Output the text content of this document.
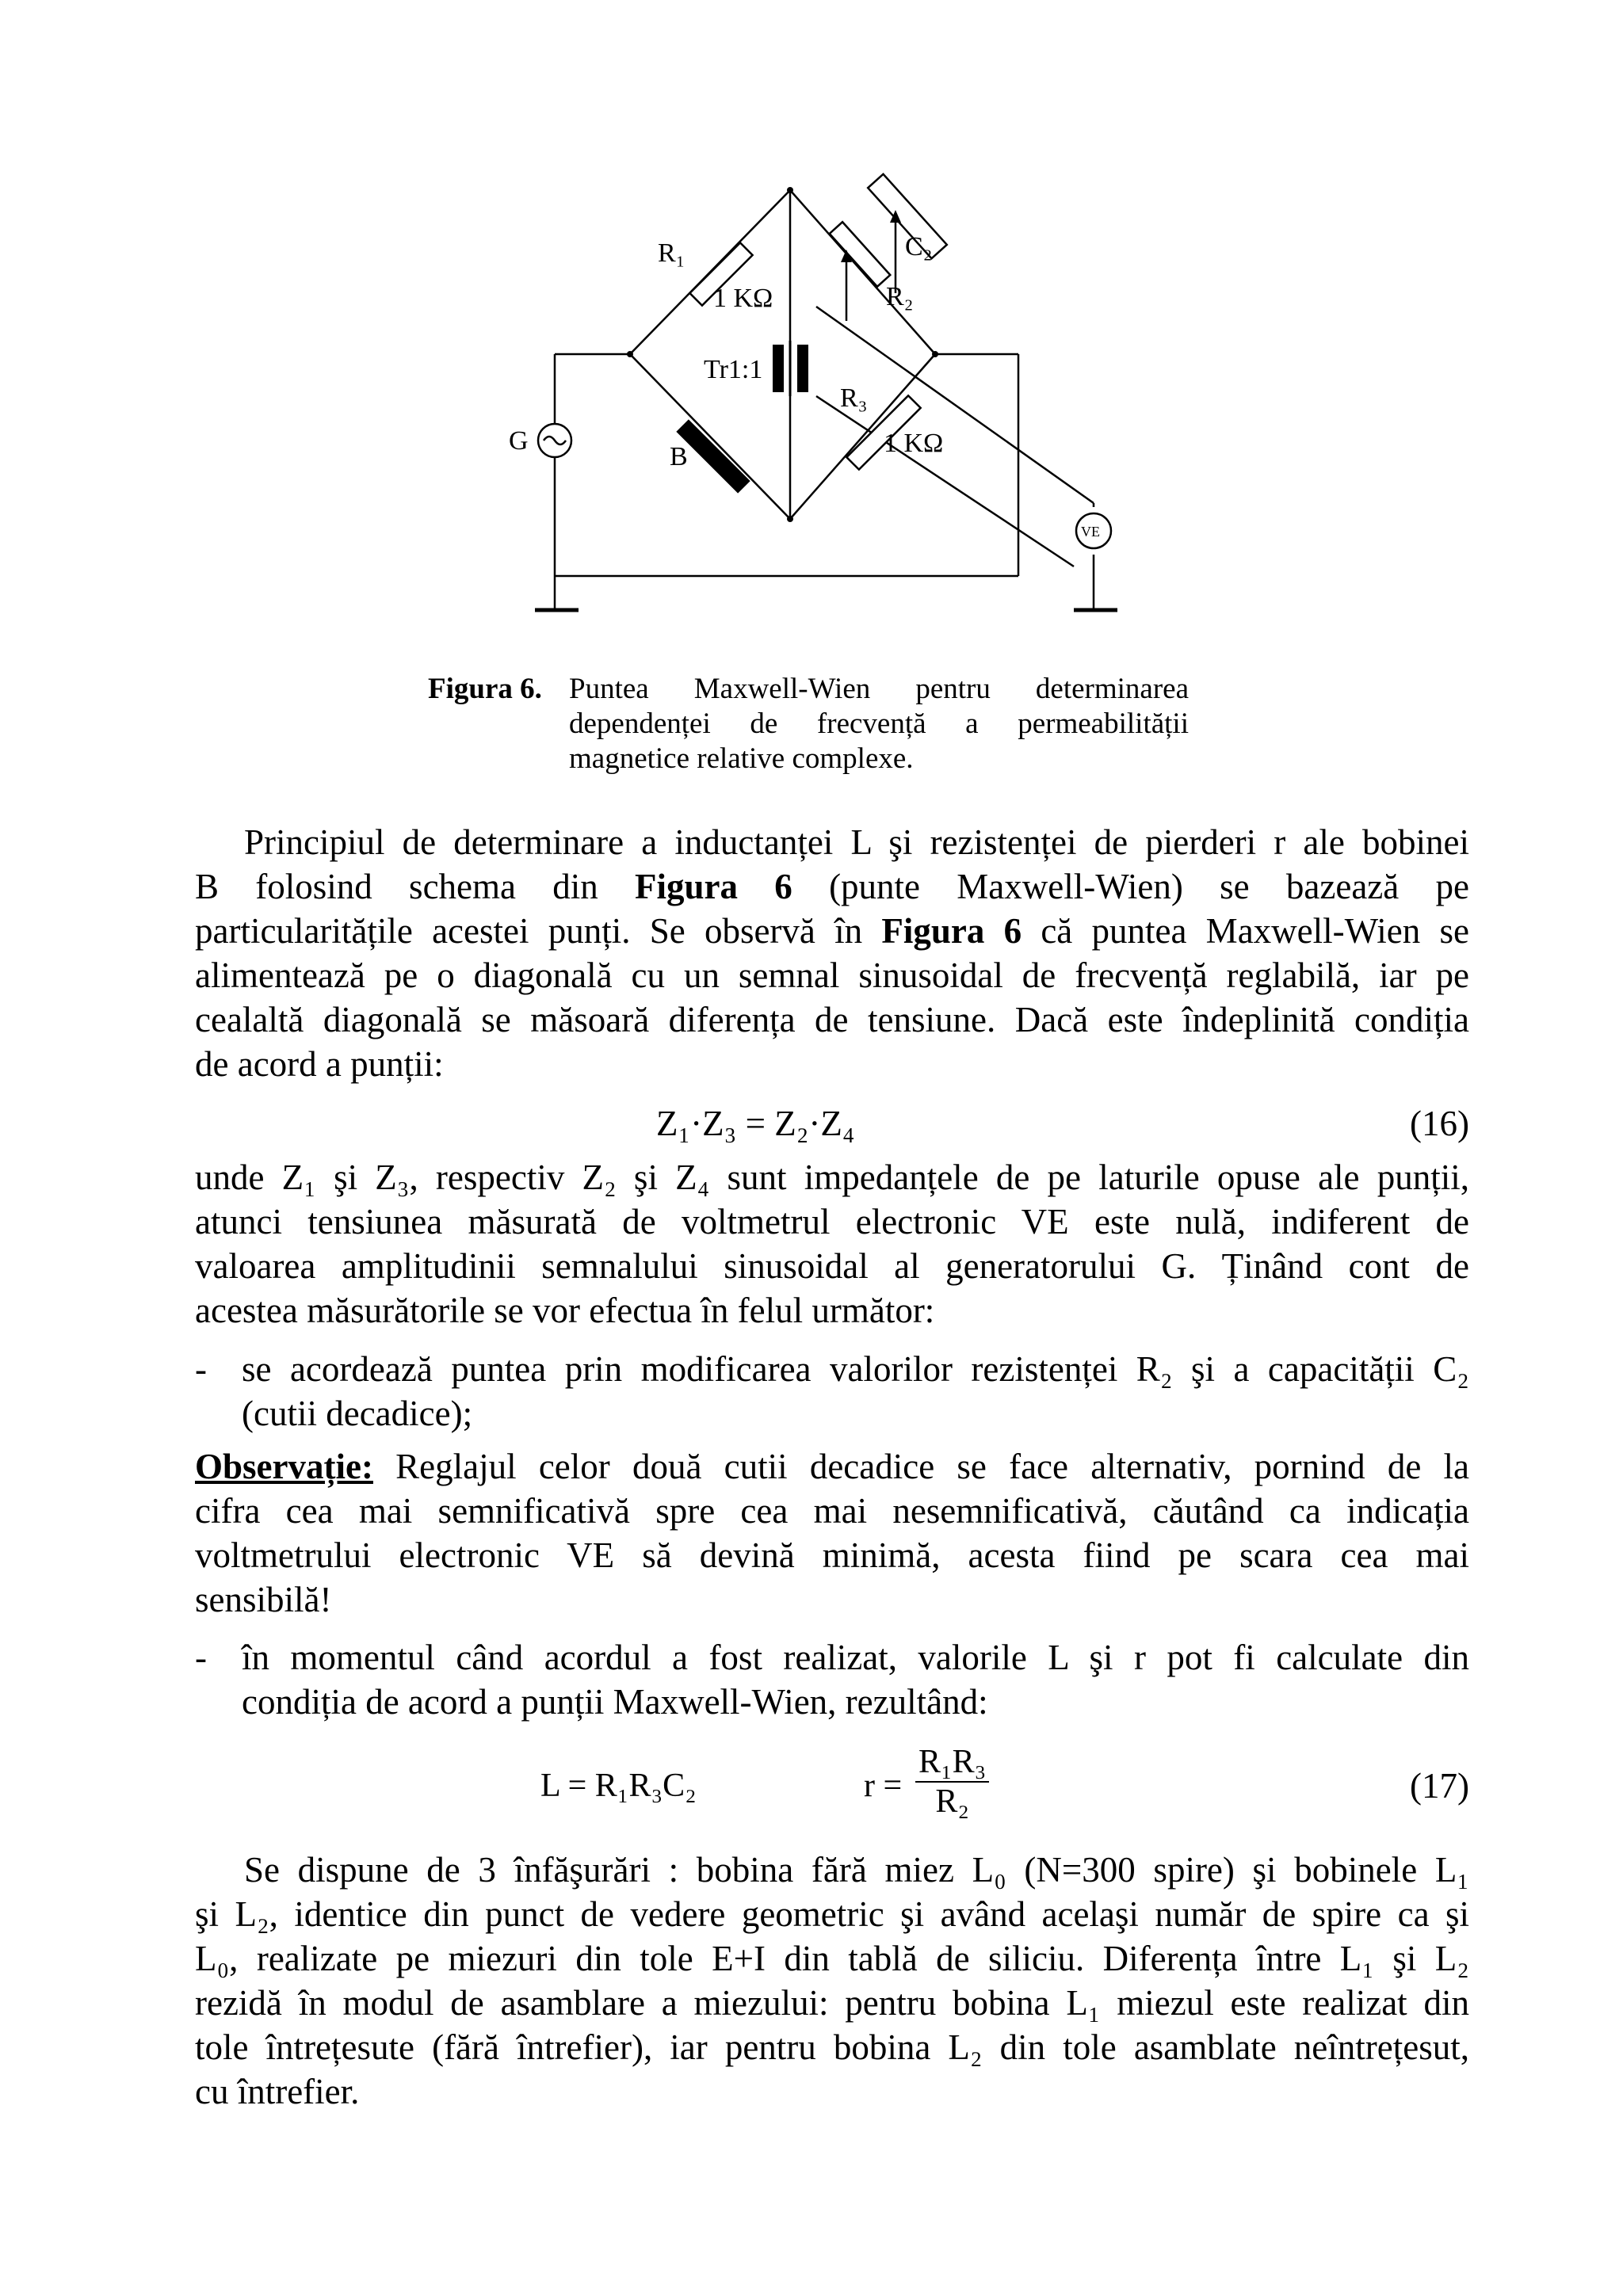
R₁
1 KΩ
C₂
R₂
Tr1:1
R₃
1 KΩ
G
B
VE
Figura 6. Puntea Maxwell-Wien pentru determinarea
dependenței de frecvență a permeabilității
magnetice relative complexe.
Principiul de determinare a inductanței L şi rezistenței de pierderi r ale bobinei
B folosind schema din Figura 6 (punte Maxwell-Wien) se bazează pe
particularitățile acestei punți. Se observă în Figura 6 că puntea Maxwell-Wien se
alimentează pe o diagonală cu un semnal sinusoidal de frecvență reglabilă, iar pe
cealaltă diagonală se măsoară diferența de tensiune. Dacă este îndeplinită condiția
de acord a punții:
Z₁·Z₃ = Z₂·Z₄	(16)
unde Z₁ şi Z₃, respectiv Z₂ şi Z₄ sunt impedanțele de pe laturile opuse ale punții,
atunci tensiunea măsurată de voltmetrul electronic VE este nulă, indiferent de
valoarea amplitudinii semnalului sinusoidal al generatorului G. Ținând cont de
acestea măsurătorile se vor efectua în felul următor:
- se acordează puntea prin modificarea valorilor rezistenței R₂ şi a capacității C₂
(cutii decadice);
Observație: Reglajul celor două cutii decadice se face alternativ, pornind de la
cifra cea mai semnificativă spre cea mai nesemnificativă, căutând ca indicația
voltmetrului electronic VE să devină minimă, acesta fiind pe scara cea mai
sensibilă!
- în momentul când acordul a fost realizat, valorile L şi r pot fi calculate din
condiția de acord a punții Maxwell-Wien, rezultând:
L = R₁R₃C₂	$r = \frac{\text{R₁R₃}}{\text{R₂}}$	(17)
Se dispune de 3 înfăşurări : bobina fără miez L₀ (N=300 spire) şi bobinele L₁
şi L₂, identice din punct de vedere geometric şi având acelaşi număr de spire ca şi
L₀, realizate pe miezuri din tole E+I din tablă de siliciu. Diferența între L₁ şi L₂
rezidă în modul de asamblare a miezului: pentru bobina L₁ miezul este realizat din
tole întrețesute (fără întrefier), iar pentru bobina L₂ din tole asamblate neîntrețesut,
cu întrefier.
